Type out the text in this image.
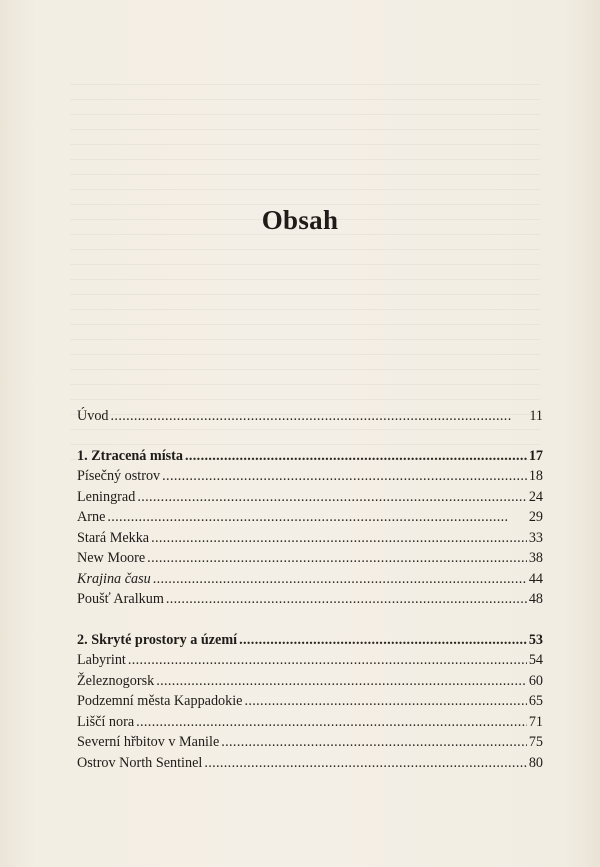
Obsah
Úvod . . .	11
1. Ztracená místa . . .	17
Písečný ostrov . . .	18
Leningrad . . .	24
Arne . . .	29
Stará Mekka . . .	33
New Moore . . .	38
Krajina času . . .	44
Poušť Aralkum . . .	48
2. Skryté prostory a území . . .	53
Labyrint . . .	54
Železnogorsk . . .	60
Podzemní města Kappadokie . . .	65
Liščí nora . . .	71
Severní hřbitov v Manile . . .	75
Ostrov North Sentinel . . .	80
